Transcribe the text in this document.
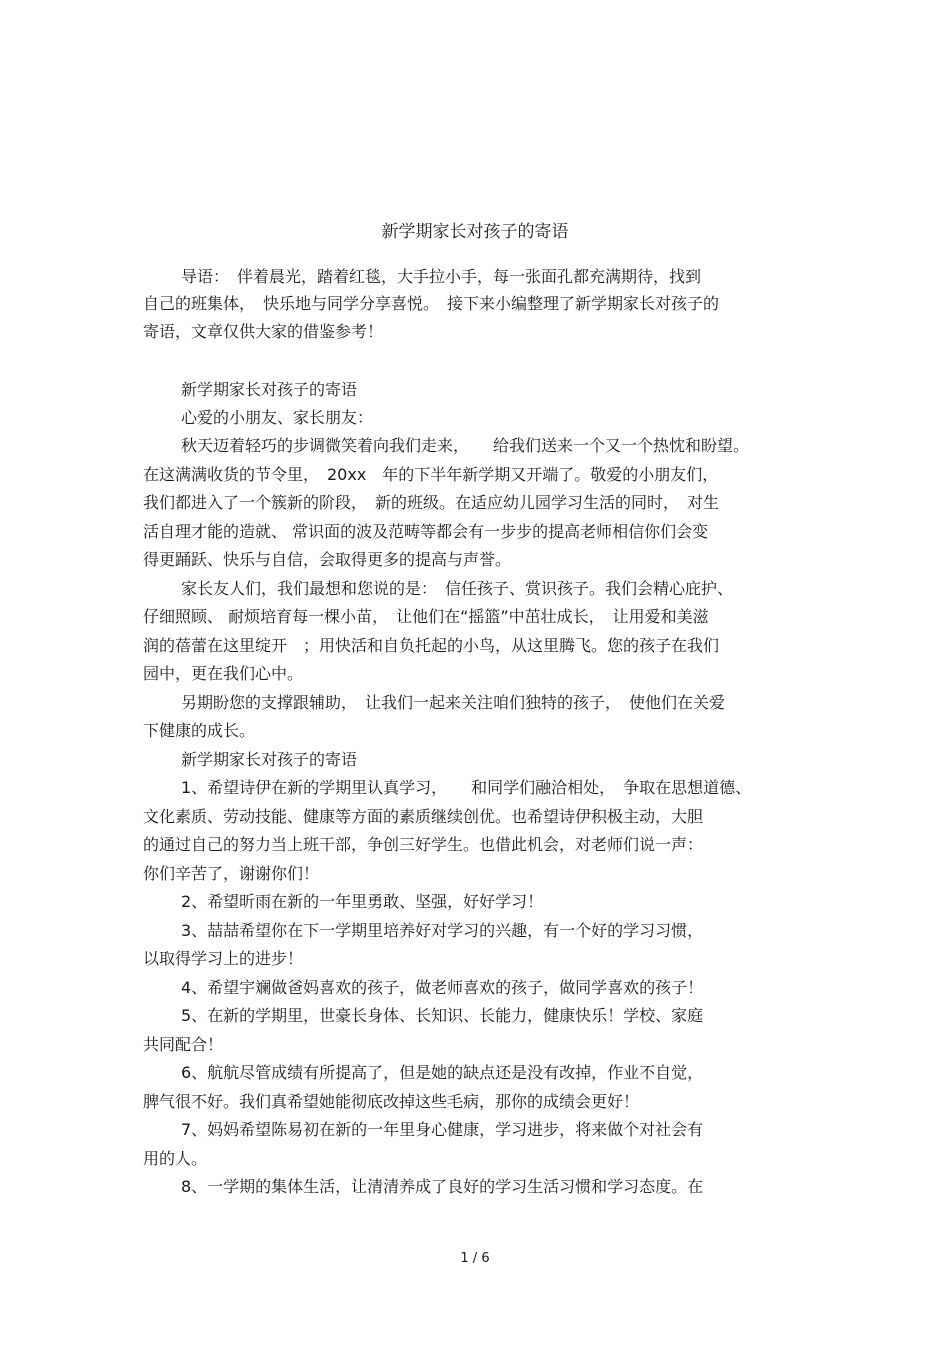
新学期家长对孩子的寄语
导语：　伴着晨光，踏着红毯，大手拉小手，每一张面孔都充满期待，找到
自己的班集体，　快乐地与同学分享喜悦。　接下来小编整理了新学期家长对孩子的
寄语，文章仅供大家的借鉴参考！
新学期家长对孩子的寄语
心爱的小朋友、家长朋友：
秋天迈着轻巧的步调微笑着向我们走来，　　给我们送来一个又一个热忱和盼望。
在这满满收货的节令里，　20xx　年的下半年新学期又开端了。敬爱的小朋友们，
我们都进入了一个簇新的阶段，　新的班级。在适应幼儿园学习生活的同时，　对生
活自理才能的造就、 常识面的波及范畴等都会有一步步的提高老师相信你们会变
得更踊跃、快乐与自信，会取得更多的提高与声誉。
家长友人们，我们最想和您说的是：　信任孩子、赏识孩子。我们会精心庇护、
仔细照顾、 耐烦培育每一棵小苗，　让他们在“摇篮”中茁壮成长，　让用爱和美滋
润的蓓蕾在这里绽开　；用快活和自负托起的小鸟，从这里腾飞。您的孩子在我们
园中，更在我们心中。
另期盼您的支撑跟辅助，　让我们一起来关注咱们独特的孩子，　使他们在关爱
下健康的成长。
新学期家长对孩子的寄语
1、希望诗伊在新的学期里认真学习，　　和同学们融洽相处，　争取在思想道德、
文化素质、劳动技能、健康等方面的素质继续创优。也希望诗伊积极主动，大胆
的通过自己的努力当上班干部，争创三好学生。也借此机会，对老师们说一声：
你们辛苦了，谢谢你们！
2、希望昕雨在新的一年里勇敢、坚强，好好学习！
3、喆喆希望你在下一学期里培养好对学习的兴趣，有一个好的学习习惯，
以取得学习上的进步！
4、希望宇斓做爸妈喜欢的孩子，做老师喜欢的孩子，做同学喜欢的孩子！
5、在新的学期里，世豪长身体、长知识、长能力，健康快乐！学校、家庭
共同配合！
6、航航尽管成绩有所提高了，但是她的缺点还是没有改掉，作业不自觉，
脾气很不好。我们真希望她能彻底改掉这些毛病，那你的成绩会更好！
7、妈妈希望陈易初在新的一年里身心健康，学习进步，将来做个对社会有
用的人。
8、一学期的集体生活，让清清养成了良好的学习生活习惯和学习态度。在
1 / 6
